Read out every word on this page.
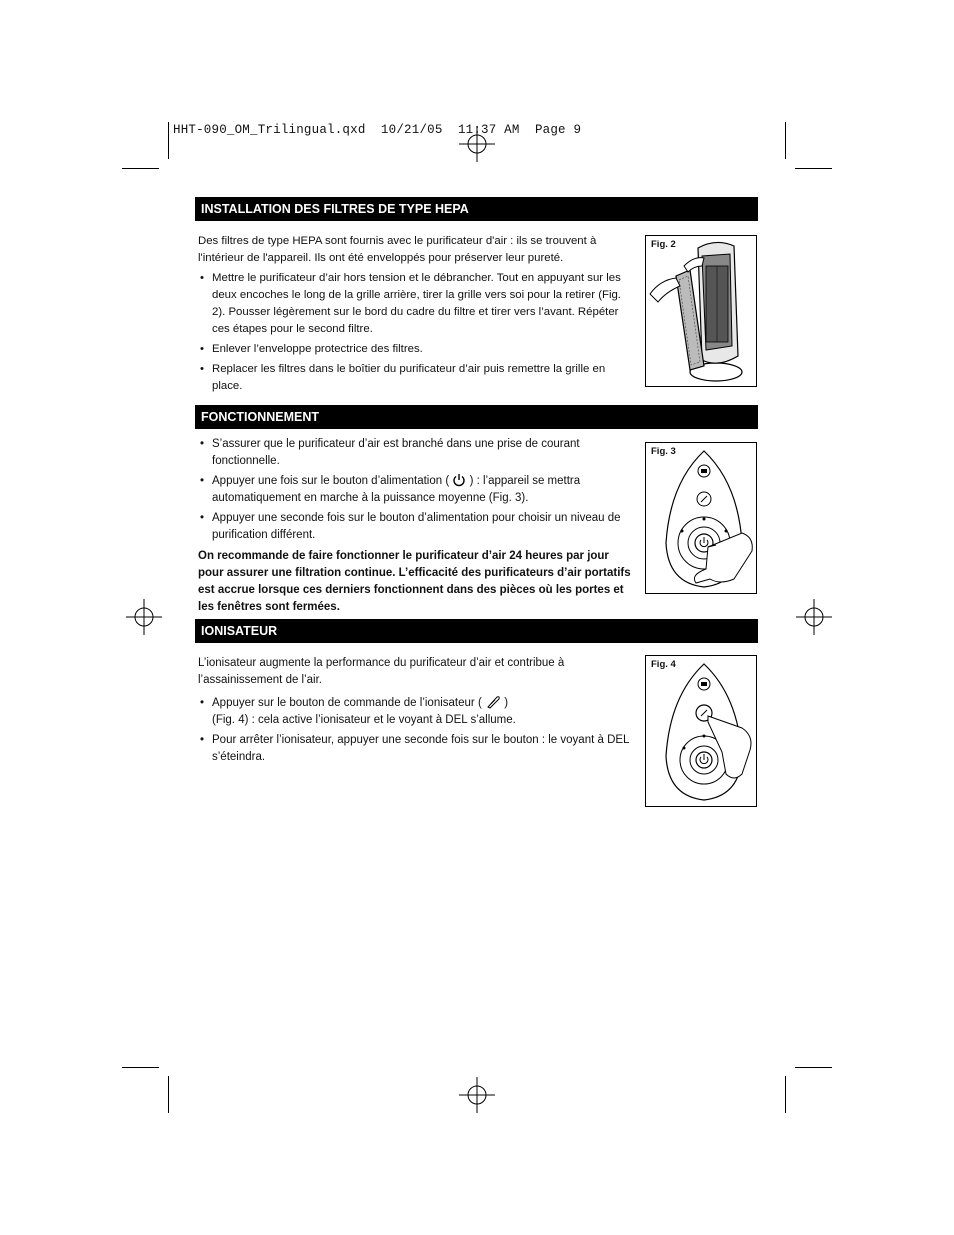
HHT-090_OM_Trilingual.qxd  10/21/05  11:37 AM  Page 9
INSTALLATION DES FILTRES DE TYPE HEPA

Des filtres de type HEPA sont fournis avec le purificateur d'air : ils se trouvent à l'intérieur de l'appareil. Ils ont été enveloppés pour préserver leur pureté.

• Mettre le purificateur d’air hors tension et le débrancher. Tout en appuyant sur les deux encoches le long de la grille arrière, tirer la grille vers soi pour la retirer (Fig. 2). Pousser légèrement sur le bord du cadre du filtre et tirer vers l’avant. Répéter ces étapes pour le second filtre.
• Enlever l’enveloppe protectrice des filtres.
• Replacer les filtres dans le boîtier du purificateur d’air puis remettre la grille en place.
Fig. 2
FONCTIONNEMENT
• S’assurer que le purificateur d’air est branché dans une prise de courant fonctionnelle.
• Appuyer une fois sur le bouton d’alimentation ( ) : l’appareil se mettra automatiquement en marche à la puissance moyenne (Fig. 3).
• Appuyer une seconde fois sur le bouton d’alimentation pour choisir un niveau de purification différent.

On recommande de faire fonctionner le purificateur d’air 24 heures par jour pour assurer une filtration continue. L’efficacité des purificateurs d’air portatifs est accrue lorsque ces derniers fonctionnent dans des pièces où les portes et les fenêtres sont fermées.

Fig. 3
IONISATEUR

L’ionisateur augmente la performance du purificateur d’air et contribue à l’assainissement de l’air.

• Appuyer sur le bouton de commande de l’ionisateur ( )
(Fig. 4) : cela active l’ionisateur et le voyant à DEL s’allume.
• Pour arrêter l’ionisateur, appuyer une seconde fois sur le bouton : le voyant à DEL s’éteindra.
Fig. 4
